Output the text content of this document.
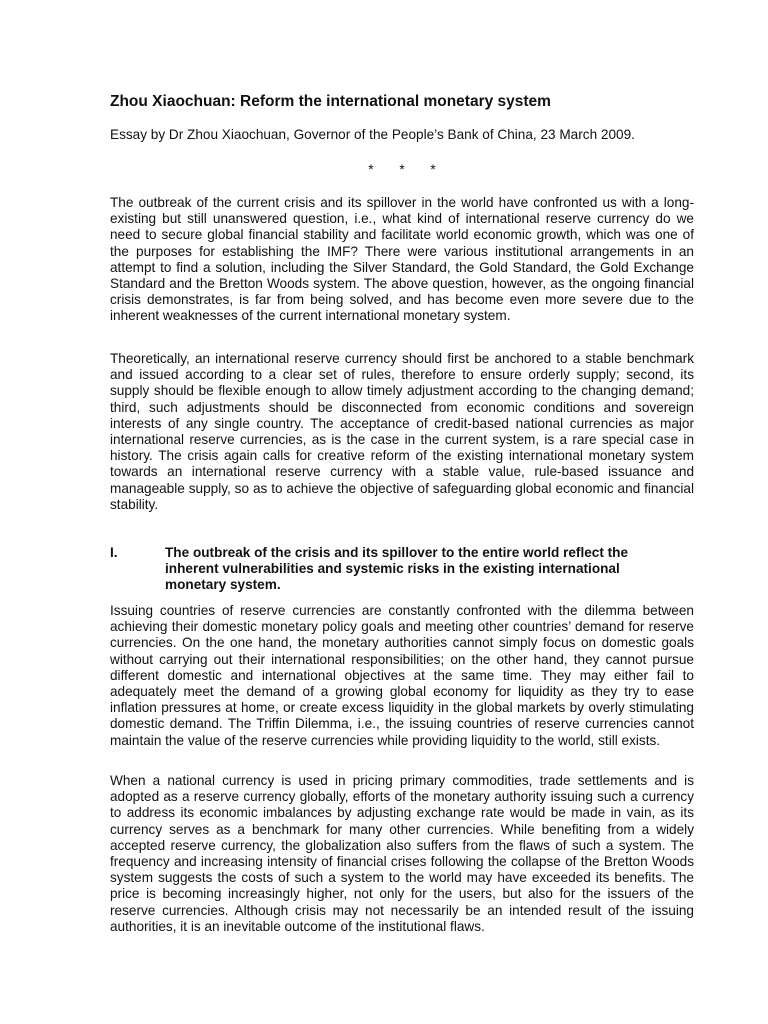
Zhou Xiaochuan: Reform the international monetary system
Essay by Dr Zhou Xiaochuan, Governor of the People’s Bank of China, 23 March 2009.
* * *

The outbreak of the current crisis and its spillover in the world have confronted us with a long-existing but still unanswered question, i.e., what kind of international reserve currency do we need to secure global financial stability and facilitate world economic growth, which was one of the purposes for establishing the IMF? There were various institutional arrangements in an attempt to find a solution, including the Silver Standard, the Gold Standard, the Gold Exchange Standard and the Bretton Woods system. The above question, however, as the ongoing financial crisis demonstrates, is far from being solved, and has become even more severe due to the inherent weaknesses of the current international monetary system.

Theoretically, an international reserve currency should first be anchored to a stable benchmark and issued according to a clear set of rules, therefore to ensure orderly supply; second, its supply should be flexible enough to allow timely adjustment according to the changing demand; third, such adjustments should be disconnected from economic conditions and sovereign interests of any single country. The acceptance of credit-based national currencies as major international reserve currencies, as is the case in the current system, is a rare special case in history. The crisis again calls for creative reform of the existing international monetary system towards an international reserve currency with a stable value, rule-based issuance and manageable supply, so as to achieve the objective of safeguarding global economic and financial stability.

I.	The outbreak of the crisis and its spillover to the entire world reflect the inherent vulnerabilities and systemic risks in the existing international monetary system.

Issuing countries of reserve currencies are constantly confronted with the dilemma between achieving their domestic monetary policy goals and meeting other countries’ demand for reserve currencies. On the one hand, the monetary authorities cannot simply focus on domestic goals without carrying out their international responsibilities; on the other hand, they cannot pursue different domestic and international objectives at the same time. They may either fail to adequately meet the demand of a growing global economy for liquidity as they try to ease inflation pressures at home, or create excess liquidity in the global markets by overly stimulating domestic demand. The Triffin Dilemma, i.e., the issuing countries of reserve currencies cannot maintain the value of the reserve currencies while providing liquidity to the world, still exists.

When a national currency is used in pricing primary commodities, trade settlements and is adopted as a reserve currency globally, efforts of the monetary authority issuing such a currency to address its economic imbalances by adjusting exchange rate would be made in vain, as its currency serves as a benchmark for many other currencies. While benefiting from a widely accepted reserve currency, the globalization also suffers from the flaws of such a system. The frequency and increasing intensity of financial crises following the collapse of the Bretton Woods system suggests the costs of such a system to the world may have exceeded its benefits. The price is becoming increasingly higher, not only for the users, but also for the issuers of the reserve currencies. Although crisis may not necessarily be an intended result of the issuing authorities, it is an inevitable outcome of the institutional flaws.
